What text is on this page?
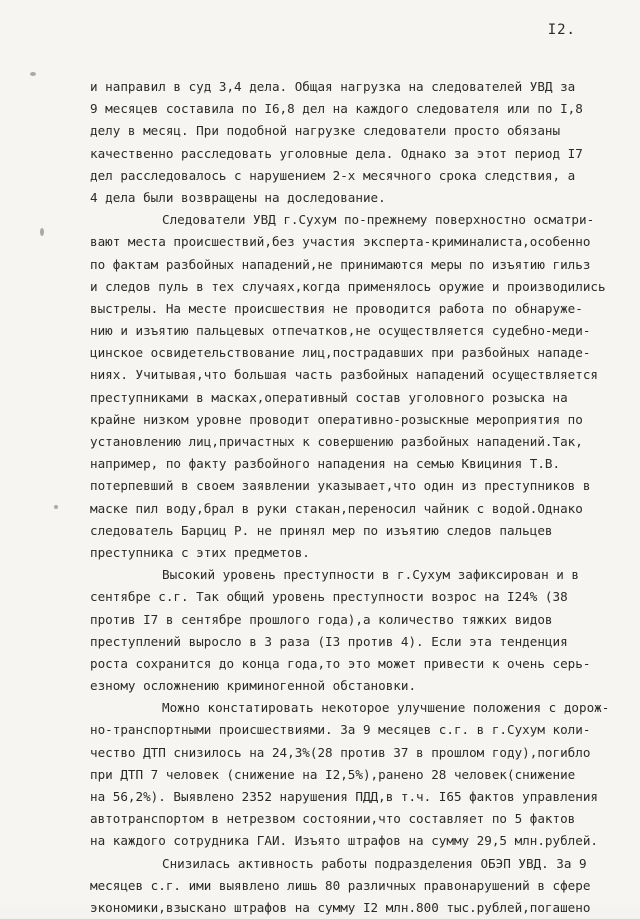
I2.
и направил в суд 3,4 дела. Общая нагрузка на следователей УВД за
9 месяцев составила по I6,8 дел на каждого следователя или по I,8
делу в месяц. При подобной нагрузке следователи просто обязаны
качественно расследовать уголовные дела. Однако за этот период I7
дел расследовалось с нарушением 2-х месячного срока следствия, а
4 дела были возвращены на доследование.
Следователи УВД г.Сухум по-прежнему поверхностно осматри-
вают места происшествий,без участия эксперта-криминалиста,особенно
по фактам разбойных нападений,не принимаются меры по изъятию гильз
и следов пуль в тех случаях,когда применялось оружие и производились
выстрелы. На месте происшествия не проводится работа по обнаруже-
нию и изъятию пальцевых отпечатков,не осуществляется судебно-меди-
цинское освидетельствование лиц,пострадавших при разбойных нападе-
ниях. Учитывая,что большая часть разбойных нападений осуществляется
преступниками в масках,оперативный состав уголовного розыска на
крайне низком уровне проводит оперативно-розыскные мероприятия по
установлению лиц,причастных к совершению разбойных нападений.Так,
например, по факту разбойного нападения на семью Квициния Т.В.
потерпевший в своем заявлении указывает,что один из преступников в
маске пил воду,брал в руки стакан,переносил чайник с водой.Однако
следователь Барциц Р. не принял мер по изъятию следов пальцев
преступника с этих предметов.
Высокий уровень преступности в г.Сухум зафиксирован и в
сентябре с.г. Так общий уровень преступности возрос на I24% (38
против I7 в сентябре прошлого года),а количество тяжких видов
преступлений выросло в 3 раза (I3 против 4). Если эта тенденция
роста сохранится до конца года,то это может привести к очень серь-
езному осложнению криминогенной обстановки.
Можно констатировать некоторое улучшение положения с дорож-
но-транспортными происшествиями. За 9 месяцев с.г. в г.Сухум коли-
чество ДТП снизилось на 24,3%(28 против 37 в прошлом году),погибло
при ДТП 7 человек (снижение на I2,5%),ранено 28 человек(снижение
на 56,2%). Выявлено 2352 нарушения ПДД,в т.ч. I65 фактов управления
автотранспортом в нетрезвом состоянии,что составляет по 5 фактов
на каждого сотрудника ГАИ. Изъято штрафов на сумму 29,5 млн.рублей.
Снизилась активность работы подразделения ОБЭП УВД. За 9
месяцев с.г. ими выявлено лишь 80 различных правонарушений в сфере
экономики,взыскано штрафов на сумму I2 млн.800 тыс.рублей,погашено
